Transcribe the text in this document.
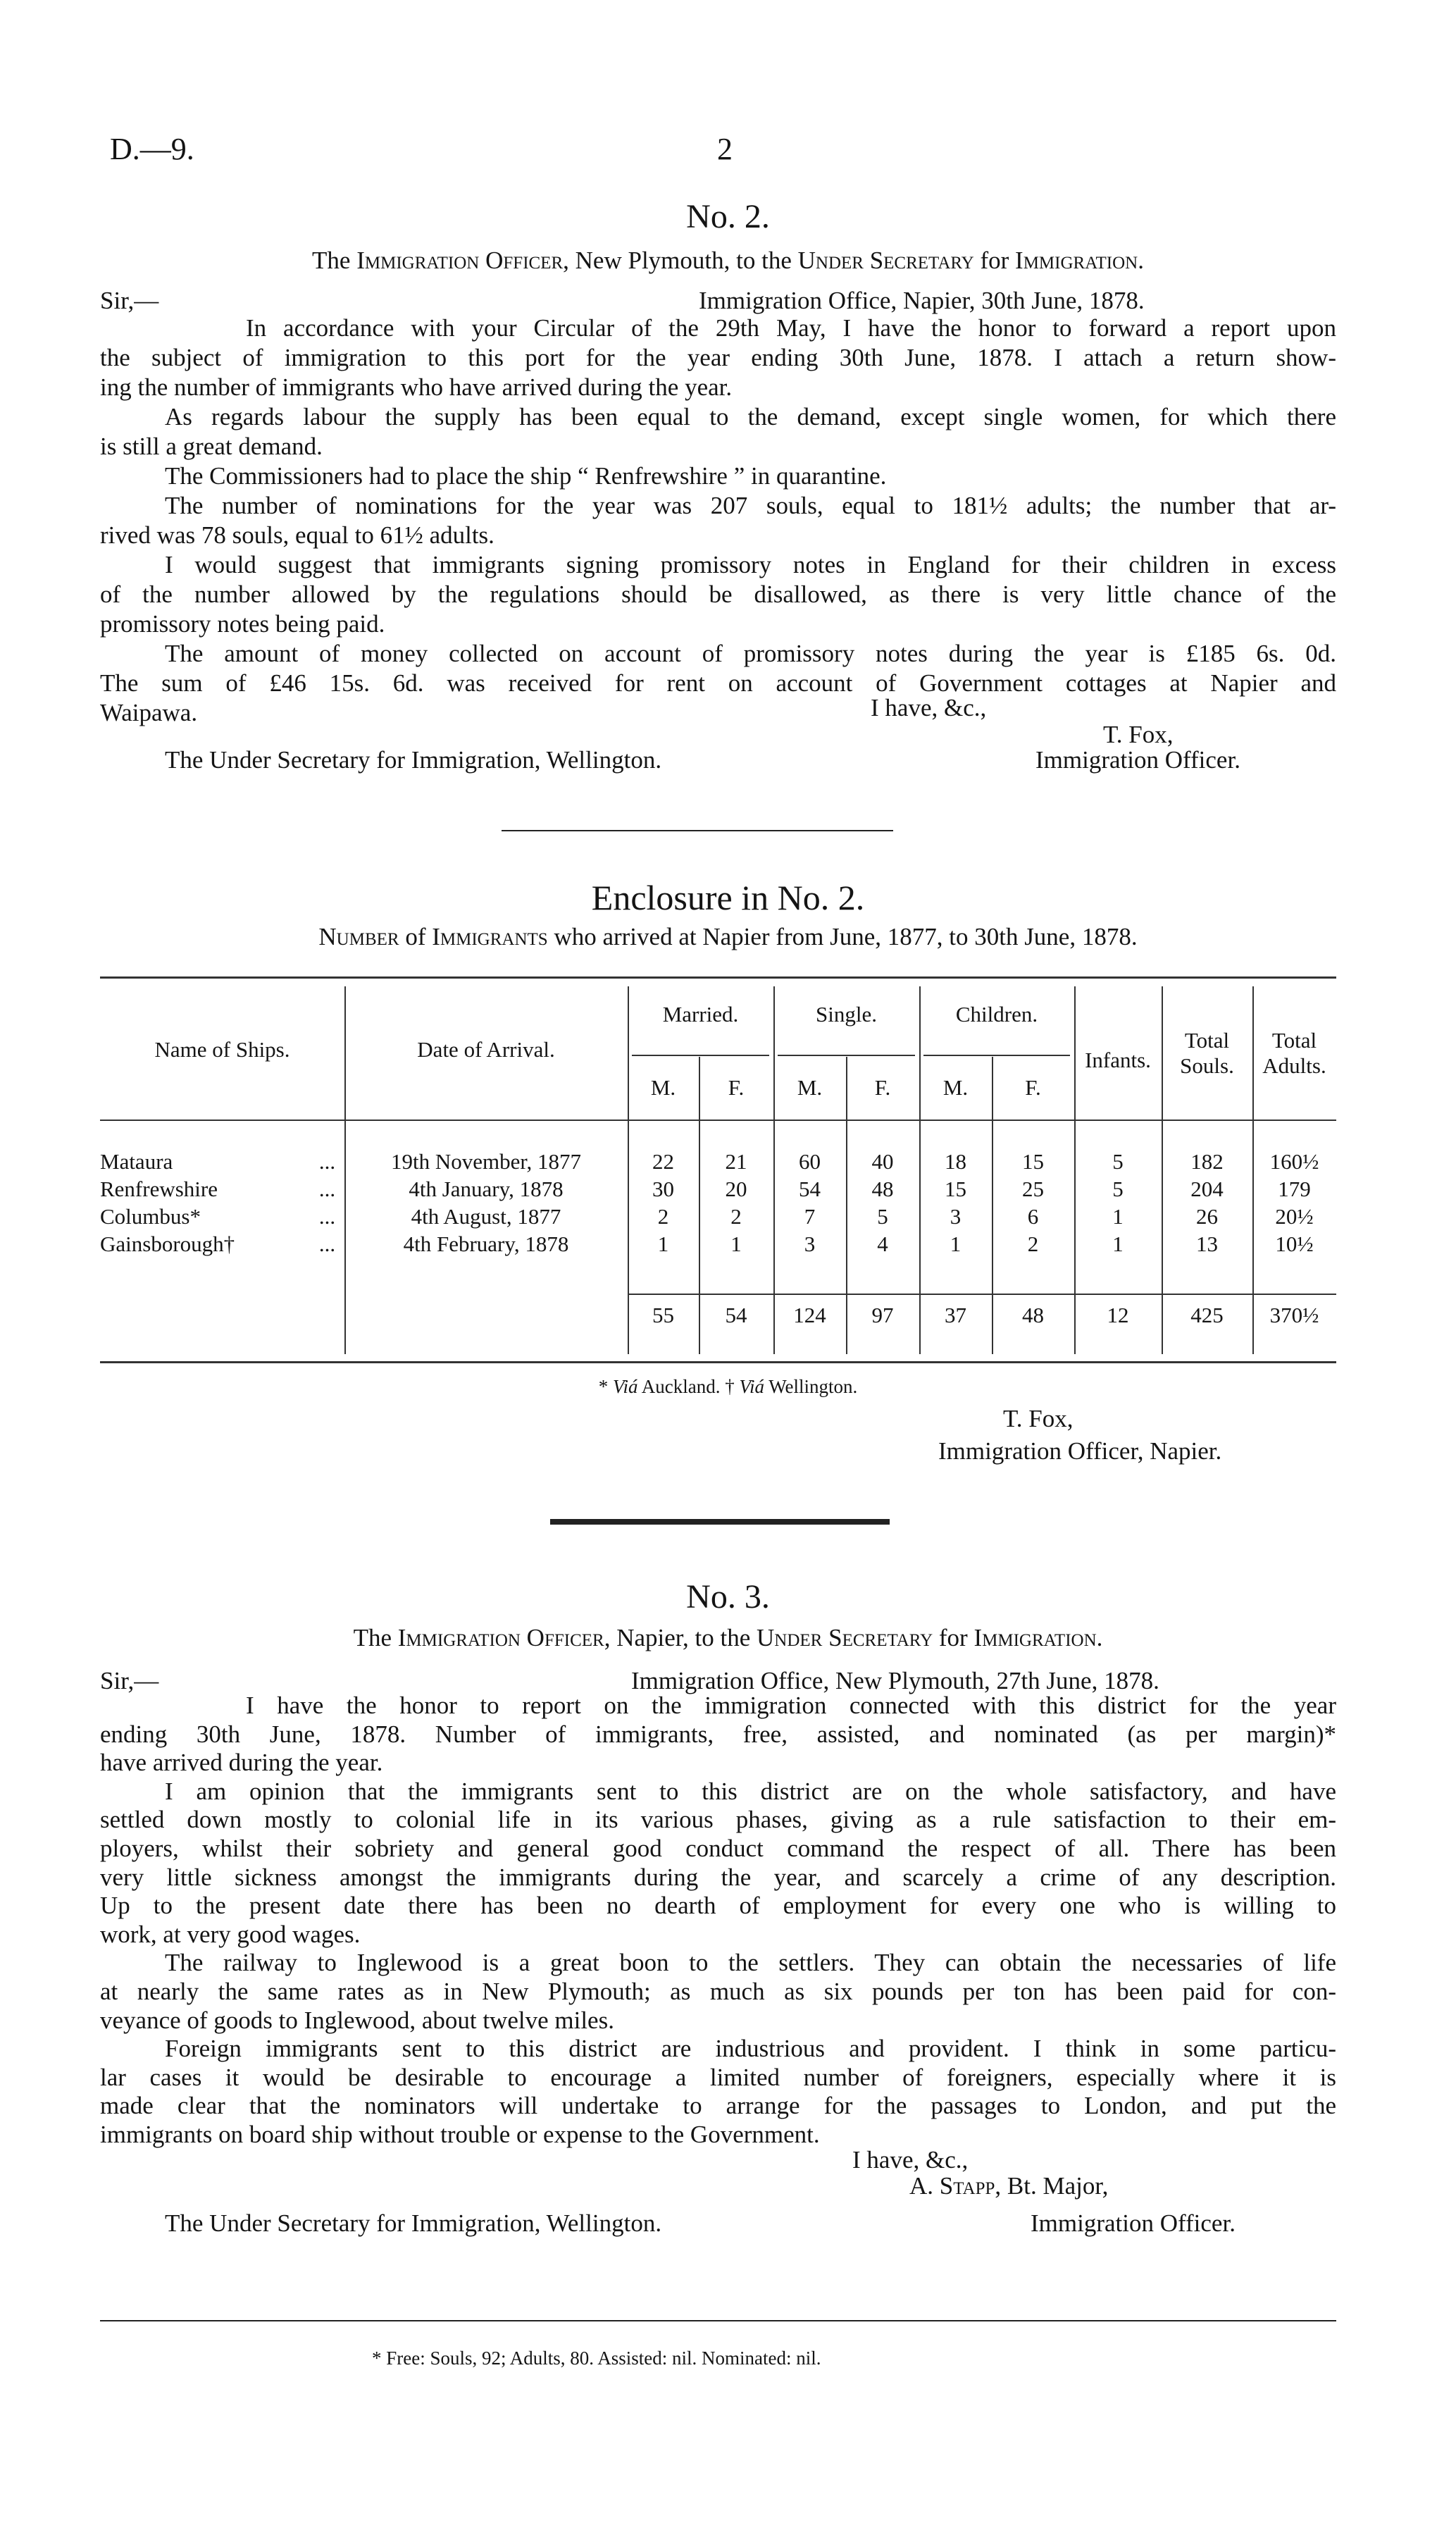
D.—9.	2
No. 2.
The Immigration Officer, New Plymouth, to the Under Secretary for Immigration.
Sir,—	Immigration Office, Napier, 30th June, 1878.
In accordance with your Circular of the 29th May, I have the honor to forward a report upon
the subject of immigration to this port for the year ending 30th June, 1878. I attach a return show-
ing the number of immigrants who have arrived during the year.
As regards labour the supply has been equal to the demand, except single women, for which there
is still a great demand.
The Commissioners had to place the ship “ Renfrewshire ” in quarantine.
The number of nominations for the year was 207 souls, equal to 181½ adults; the number that ar-
rived was 78 souls, equal to 61½ adults.
I would suggest that immigrants signing promissory notes in England for their children in excess
of the number allowed by the regulations should be disallowed, as there is very little chance of the
promissory notes being paid.
The amount of money collected on account of promissory notes during the year is £185 6s. 0d.
The sum of £46 15s. 6d. was received for rent on account of Government cottages at Napier and
Waipawa.	I have, &c.,
T. Fox,
The Under Secretary for Immigration, Wellington.	Immigration Officer.
Enclosure in No. 2.
Number of Immigrants who arrived at Napier from June, 1877, to 30th June, 1878.
Name of Ships.	Date of Arrival.
Married.	Single.	Children.
M.	F.	M.	F.	M.	F.
Infants.
Total
Souls.
Total
Adults.
Mataura	...	19th November, 1877	22	21	60	40	18	15	5	182	160½
Renfrewshire	...	4th January, 1878	30	20	54	48	15	25	5	204	179
Columbus*	...	4th August, 1877	2	2	7	5	3	6	1	26	20½
Gainsborough†	...	4th February, 1878	1	1	3	4	1	2	1	13	10½
55	54	124	97	37	48	12	425	370½
* Viá Auckland. † Viá Wellington.
T. Fox,
Immigration Officer, Napier.
No. 3.
The Immigration Officer, Napier, to the Under Secretary for Immigration.
Sir,—	Immigration Office, New Plymouth, 27th June, 1878.
I have the honor to report on the immigration connected with this district for the year
ending 30th June, 1878. Number of immigrants, free, assisted, and nominated (as per margin)*
have arrived during the year.
I am opinion that the immigrants sent to this district are on the whole satisfactory, and have
settled down mostly to colonial life in its various phases, giving as a rule satisfaction to their em-
ployers, whilst their sobriety and general good conduct command the respect of all. There has been
very little sickness amongst the immigrants during the year, and scarcely a crime of any description.
Up to the present date there has been no dearth of employment for every one who is willing to
work, at very good wages.
The railway to Inglewood is a great boon to the settlers. They can obtain the necessaries of life
at nearly the same rates as in New Plymouth; as much as six pounds per ton has been paid for con-
veyance of goods to Inglewood, about twelve miles.
Foreign immigrants sent to this district are industrious and provident. I think in some particu-
lar cases it would be desirable to encourage a limited number of foreigners, especially where it is
made clear that the nominators will undertake to arrange for the passages to London, and put the
immigrants on board ship without trouble or expense to the Government.
I have, &c.,
A. Stapp, Bt. Major,
The Under Secretary for Immigration, Wellington.	Immigration Officer.
* Free: Souls, 92; Adults, 80. Assisted: nil. Nominated: nil.
